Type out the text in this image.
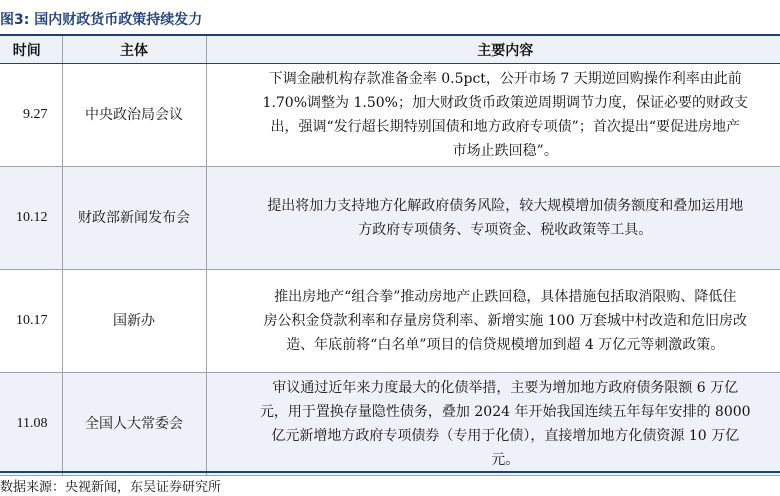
图3: 国内财政货币政策持续发力
时间	主体	主要内容
9.27	中央政治局会议	下调金融机构存款准备金率 0.5pct，公开市场 7 天期逆回购操作利率由此前
1.70%调整为 1.50%；加大财政货币政策逆周期调节力度，保证必要的财政支
出，强调“发行超长期特别国债和地方政府专项债”；首次提出“要促进房地产
市场止跌回稳”。

10.12	财政部新闻发布会	提出将加力支持地方化解政府债务风险，较大规模增加债务额度和叠加运用地
方政府专项债务、专项资金、税收政策等工具。

10.17	国新办	推出房地产“组合拳”推动房地产止跌回稳，具体措施包括取消限购、降低住
房公积金贷款利率和存量房贷利率、新增实施 100 万套城中村改造和危旧房改
造、年底前将“白名单”项目的信贷规模增加到超 4 万亿元等刺激政策。

11.08	全国人大常委会	审议通过近年来力度最大的化债举措，主要为增加地方政府债务限额 6 万亿
元，用于置换存量隐性债务，叠加 2024 年开始我国连续五年每年安排的 8000
亿元新增地方政府专项债券（专用于化债），直接增加地方化债资源 10 万亿
元。
数据来源：央视新闻，东吴证券研究所
